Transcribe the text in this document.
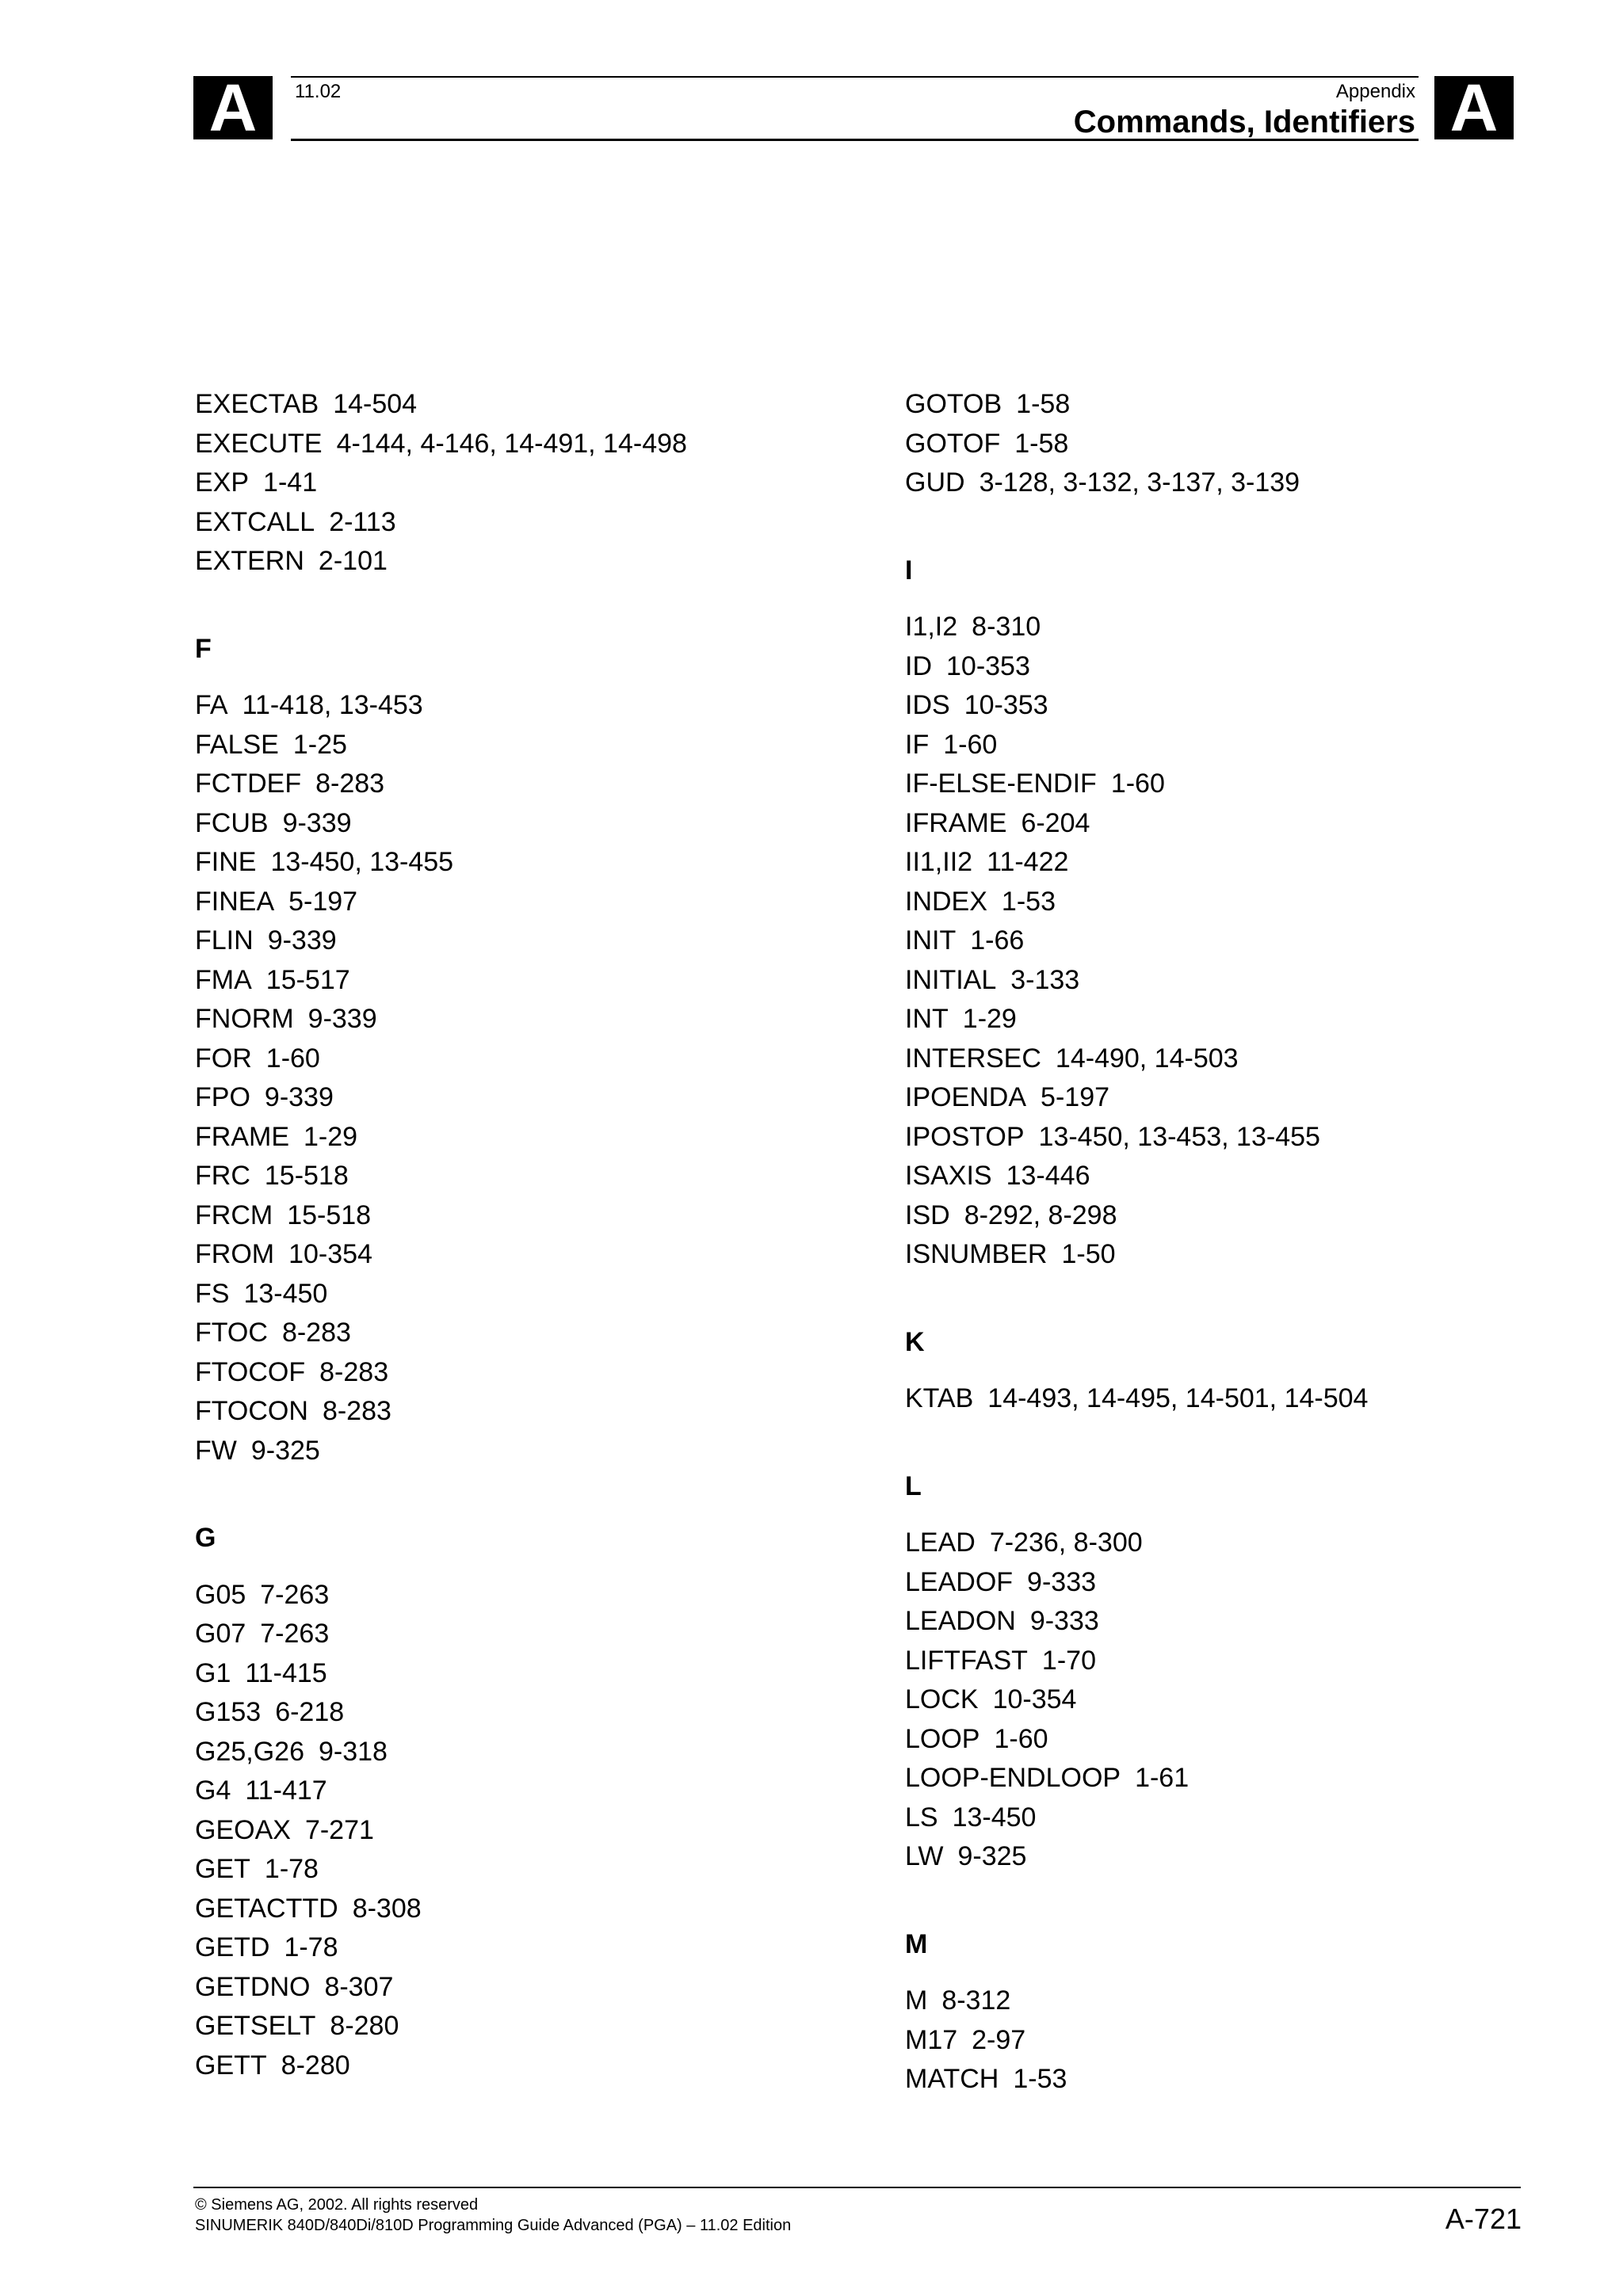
A	A
11.02	Appendix
Commands, Identifiers
EXECTAB 14-504
EXECUTE 4-144, 4-146, 14-491, 14-498
EXP 1-41
EXTCALL 2-113
EXTERN 2-101
F
FA 11-418, 13-453
FALSE 1-25
FCTDEF 8-283
FCUB 9-339
FINE 13-450, 13-455
FINEA 5-197
FLIN 9-339
FMA 15-517
FNORM 9-339
FOR 1-60
FPO 9-339
FRAME 1-29
FRC 15-518
FRCM 15-518
FROM 10-354
FS 13-450
FTOC 8-283
FTOCOF 8-283
FTOCON 8-283
FW 9-325
G
G05 7-263
G07 7-263
G1 11-415
G153 6-218
G25,G26 9-318
G4 11-417
GEOAX 7-271
GET 1-78
GETACTTD 8-308
GETD 1-78
GETDNO 8-307
GETSELT 8-280
GETT 8-280
GOTOB 1-58
GOTOF 1-58
GUD 3-128, 3-132, 3-137, 3-139
I
I1,I2 8-310
ID 10-353
IDS 10-353
IF 1-60
IF-ELSE-ENDIF 1-60
IFRAME 6-204
II1,II2 11-422
INDEX 1-53
INIT 1-66
INITIAL 3-133
INT 1-29
INTERSEC 14-490, 14-503
IPOENDA 5-197
IPOSTOP 13-450, 13-453, 13-455
ISAXIS 13-446
ISD 8-292, 8-298
ISNUMBER 1-50
K
KTAB 14-493, 14-495, 14-501, 14-504
L
LEAD 7-236, 8-300
LEADOF 9-333
LEADON 9-333
LIFTFAST 1-70
LOCK 10-354
LOOP 1-60
LOOP-ENDLOOP 1-61
LS 13-450
LW 9-325
M
M 8-312
M17 2-97
MATCH 1-53
© Siemens AG, 2002. All rights reserved
SINUMERIK 840D/840Di/810D Programming Guide Advanced (PGA) – 11.02 Edition	A-721
